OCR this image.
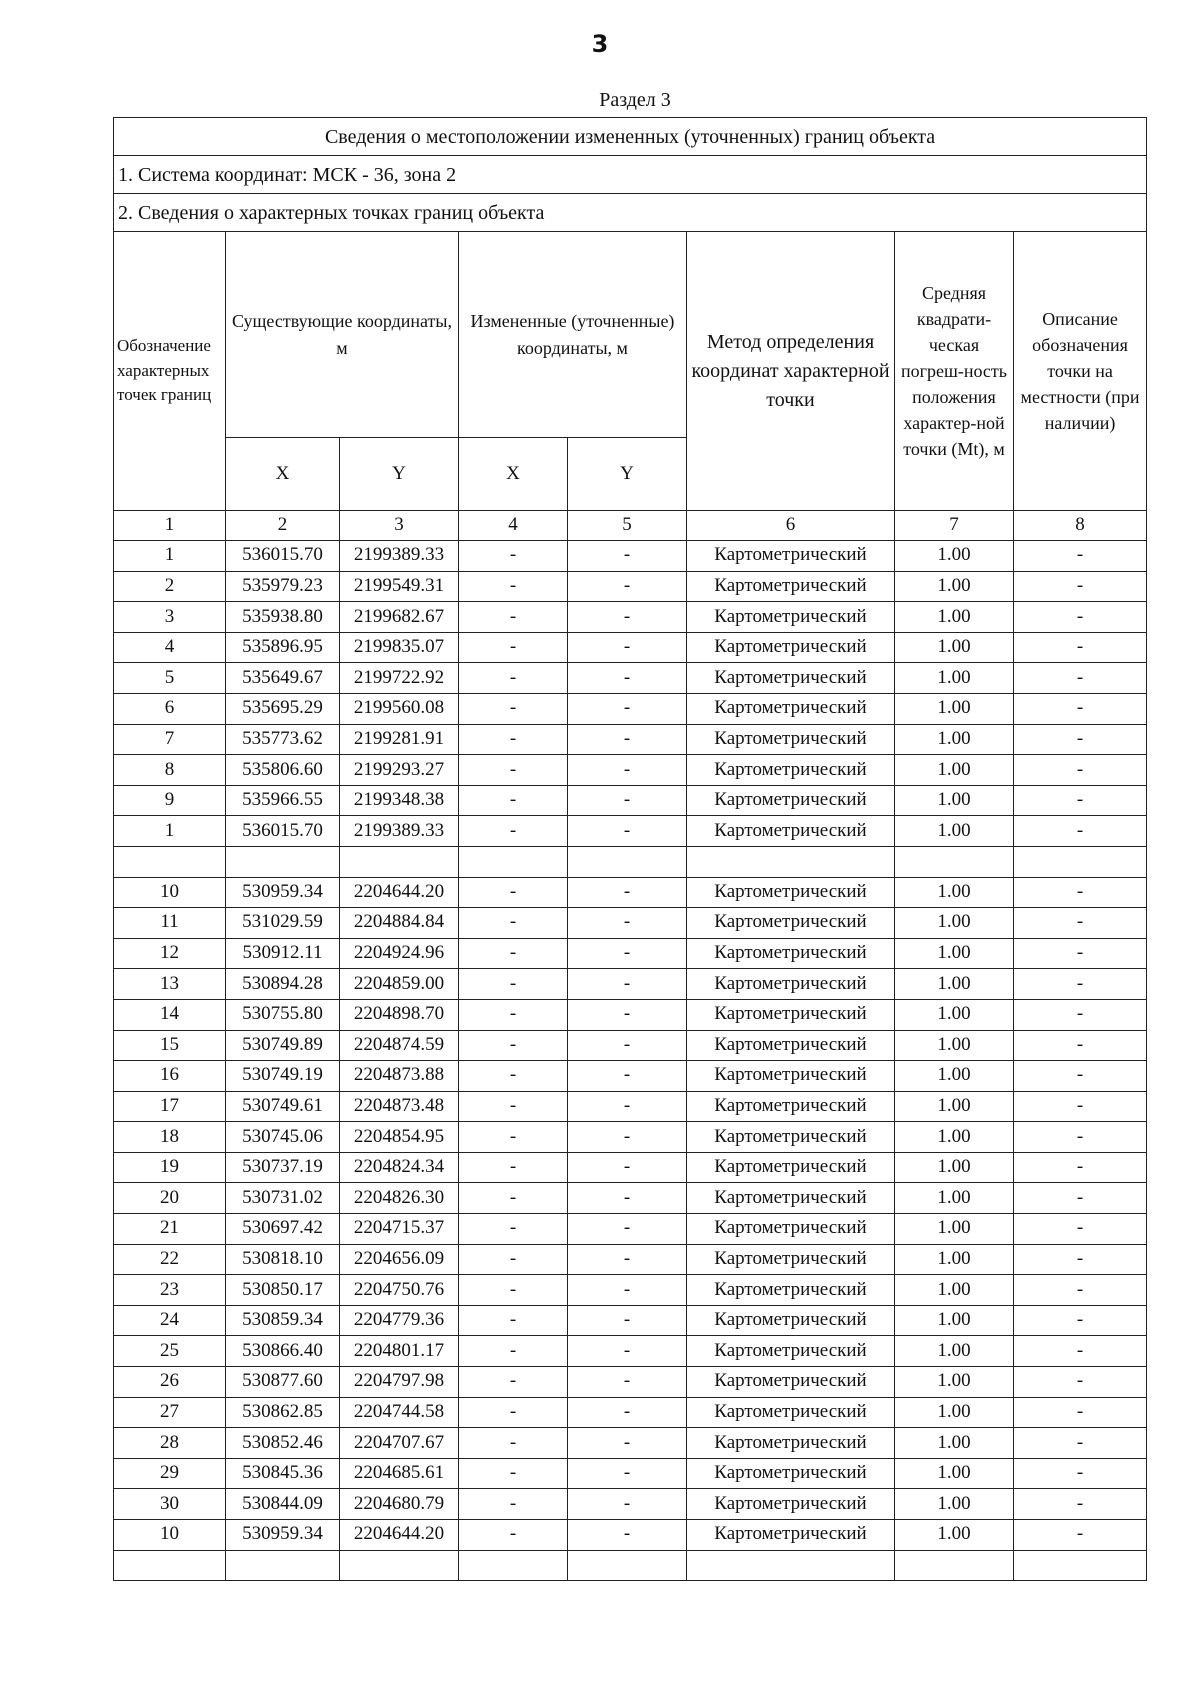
3
Раздел 3
Сведения о местоположении измененных (уточненных) границ объекта							
1. Система координат: МСК - 36, зона 2							
2. Сведения о характерных точках границ объекта							
Обозначение характерных точек границ	Существующие координаты, м		Измененные (уточненные) координаты, м		Метод определения координат характерной точки	Средняя квадрати-ческая погреш-ность положения характер-ной точки (Mt), м	Описание обозначения точки на местности (при наличии)
	X	Y	X	Y			
1	2	3	4	5	6	7	8
1	536015.70	2199389.33	-	-	Картометрический	1.00	-
2	535979.23	2199549.31	-	-	Картометрический	1.00	-
3	535938.80	2199682.67	-	-	Картометрический	1.00	-
4	535896.95	2199835.07	-	-	Картометрический	1.00	-
5	535649.67	2199722.92	-	-	Картометрический	1.00	-
6	535695.29	2199560.08	-	-	Картометрический	1.00	-
7	535773.62	2199281.91	-	-	Картометрический	1.00	-
8	535806.60	2199293.27	-	-	Картометрический	1.00	-
9	535966.55	2199348.38	-	-	Картометрический	1.00	-
1	536015.70	2199389.33	-	-	Картометрический	1.00	-

10	530959.34	2204644.20	-	-	Картометрический	1.00	-
11	531029.59	2204884.84	-	-	Картометрический	1.00	-
12	530912.11	2204924.96	-	-	Картометрический	1.00	-
13	530894.28	2204859.00	-	-	Картометрический	1.00	-
14	530755.80	2204898.70	-	-	Картометрический	1.00	-
15	530749.89	2204874.59	-	-	Картометрический	1.00	-
16	530749.19	2204873.88	-	-	Картометрический	1.00	-
17	530749.61	2204873.48	-	-	Картометрический	1.00	-
18	530745.06	2204854.95	-	-	Картометрический	1.00	-
19	530737.19	2204824.34	-	-	Картометрический	1.00	-
20	530731.02	2204826.30	-	-	Картометрический	1.00	-
21	530697.42	2204715.37	-	-	Картометрический	1.00	-
22	530818.10	2204656.09	-	-	Картометрический	1.00	-
23	530850.17	2204750.76	-	-	Картометрический	1.00	-
24	530859.34	2204779.36	-	-	Картометрический	1.00	-
25	530866.40	2204801.17	-	-	Картометрический	1.00	-
26	530877.60	2204797.98	-	-	Картометрический	1.00	-
27	530862.85	2204744.58	-	-	Картометрический	1.00	-
28	530852.46	2204707.67	-	-	Картометрический	1.00	-
29	530845.36	2204685.61	-	-	Картометрический	1.00	-
30	530844.09	2204680.79	-	-	Картометрический	1.00	-
10	530959.34	2204644.20	-	-	Картометрический	1.00	-
